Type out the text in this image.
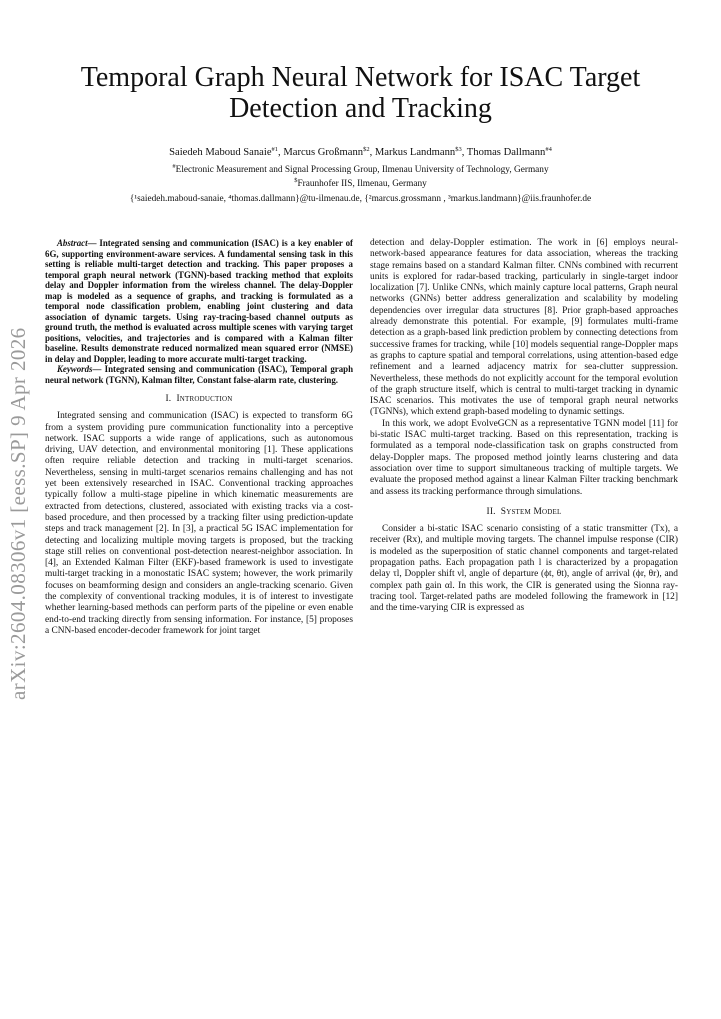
Temporal Graph Neural Network for ISAC Target Detection and Tracking
Saiedeh Maboud Sanaie$^{\#1}$, Marcus Großmann$^{\$2}$, Markus Landmann$^{\$3}$, Thomas Dallmann$^{\#4}$
#Electronic Measurement and Signal Processing Group, Ilmenau University of Technology, Germany
$Fraunhofer IIS, Ilmenau, Germany
{¹saiedeh.maboud-sanaie, ⁴thomas.dallmann}@tu-ilmenau.de, {²marcus.grossmann , ³markus.landmann}@iis.fraunhofer.de
arXiv:2604.08306v1 [eess.SP] 9 Apr 2026

Abstract— Integrated sensing and communication (ISAC) is a key enabler of 6G, supporting environment-aware services. A fundamental sensing task in this setting is reliable multi-target detection and tracking. This paper proposes a temporal graph neural network (TGNN)-based tracking method that exploits delay and Doppler information from the wireless channel. The delay-Doppler map is modeled as a sequence of graphs, and tracking is formulated as a temporal node classification problem, enabling joint clustering and data association of dynamic targets. Using ray-tracing-based channel outputs as ground truth, the method is evaluated across multiple scenes with varying target positions, velocities, and trajectories and is compared with a Kalman filter baseline. Results demonstrate reduced normalized mean squared error (NMSE) in delay and Doppler, leading to more accurate multi-target tracking.

Keywords— Integrated sensing and communication (ISAC), Temporal graph neural network (TGNN), Kalman filter, Constant false-alarm rate, clustering.

I. Introduction

Integrated sensing and communication (ISAC) is expected to transform 6G from a system providing pure communication functionality into a perceptive network. ISAC supports a wide range of applications, such as autonomous driving, UAV detection, and environmental monitoring [1]. These applications often require reliable detection and tracking in multi-target scenarios. Nevertheless, sensing in multi-target scenarios remains challenging and has not yet been extensively researched in ISAC. Conventional tracking approaches typically follow a multi-stage pipeline in which kinematic measurements are extracted from detections, clustered, associated with existing tracks via a cost-based procedure, and then processed by a tracking filter using prediction-update steps and track management [2]. In [3], a practical 5G ISAC implementation for detecting and localizing multiple moving targets is proposed, but the tracking stage still relies on conventional post-detection nearest-neighbor association. In [4], an Extended Kalman Filter (EKF)-based framework is used to investigate multi-target tracking in a monostatic ISAC system; however, the work primarily focuses on beamforming design and considers an angle-tracking scenario. Given the complexity of conventional tracking modules, it is of interest to investigate whether learning-based methods can perform parts of the pipeline or even enable end-to-end tracking directly from sensing information. For instance, [5] proposes a CNN-based encoder-decoder framework for joint target

detection and delay-Doppler estimation. The work in [6] employs neural-network-based appearance features for data association, whereas the tracking stage remains based on a standard Kalman filter. CNNs combined with recurrent units is explored for radar-based tracking, particularly in single-target indoor localization [7]. Unlike CNNs, which mainly capture local patterns, Graph neural networks (GNNs) better address generalization and scalability by modeling dependencies over irregular data structures [8]. Prior graph-based approaches already demonstrate this potential. For example, [9] formulates multi-frame detection as a graph-based link prediction problem by connecting detections from successive frames for tracking, while [10] models sequential range-Doppler maps as graphs to capture spatial and temporal correlations, using attention-based edge refinement and a learned adjacency matrix for sea-clutter suppression. Nevertheless, these methods do not explicitly account for the temporal evolution of the graph structure itself, which is central to multi-target tracking in dynamic ISAC scenarios. This motivates the use of temporal graph neural networks (TGNNs), which extend graph-based modeling to dynamic settings.

In this work, we adopt EvolveGCN as a representative TGNN model [11] for bi-static ISAC multi-target tracking. Based on this representation, tracking is formulated as a temporal node-classification task on graphs constructed from delay-Doppler maps. The proposed method jointly learns clustering and data association over time to support simultaneous tracking of multiple targets. We evaluate the proposed method against a linear Kalman Filter tracking benchmark and assess its tracking performance through simulations.

II. System Model

Consider a bi-static ISAC scenario consisting of a static transmitter (Tx), a receiver (Rx), and multiple moving targets. The channel impulse response (CIR) is modeled as the superposition of static channel components and target-related propagation paths. Each propagation path l is characterized by a propagation delay τl, Doppler shift νl, angle of departure (ϕt, θt), angle of arrival (ϕr, θr), and complex path gain αl. In this work, the CIR is generated using the Sionna ray-tracing tool. Target-related paths are modeled following the framework in [12] and the time-varying CIR is expressed as
